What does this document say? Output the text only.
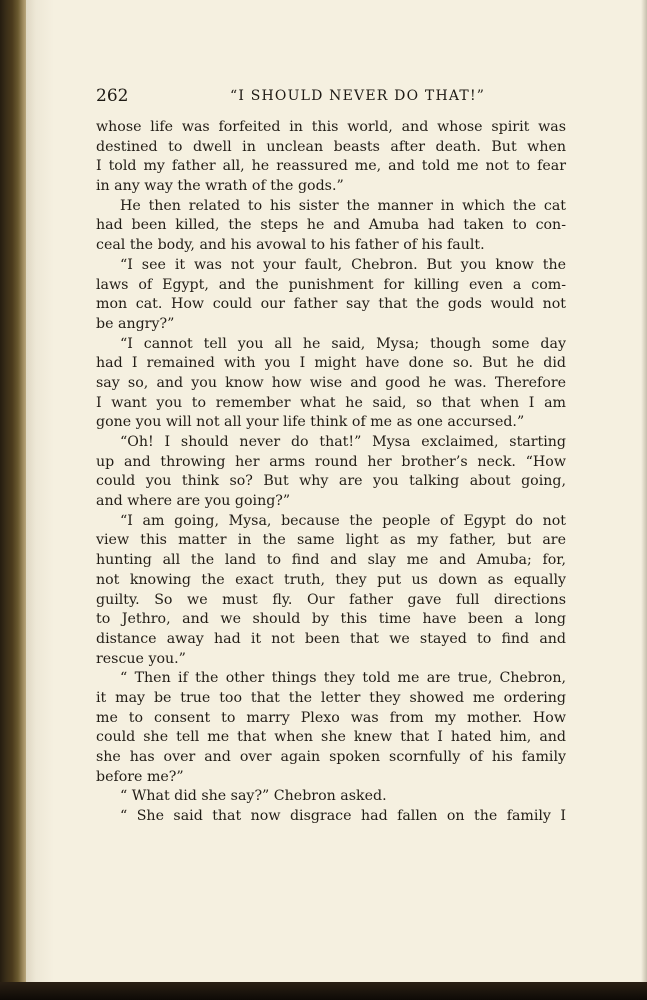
262	“I SHOULD NEVER DO THAT!”
whose life was forfeited in this world, and whose spirit was
destined to dwell in unclean beasts after death. But when
I told my father all, he reassured me, and told me not to fear
in any way the wrath of the gods.”
He then related to his sister the manner in which the cat
had been killed, the steps he and Amuba had taken to con-
ceal the body, and his avowal to his father of his fault.
“I see it was not your fault, Chebron. But you know the
laws of Egypt, and the punishment for killing even a com-
mon cat. How could our father say that the gods would not
be angry?”
“I cannot tell you all he said, Mysa; though some day
had I remained with you I might have done so. But he did
say so, and you know how wise and good he was. Therefore
I want you to remember what he said, so that when I am
gone you will not all your life think of me as one accursed.”
“Oh! I should never do that!” Mysa exclaimed, starting
up and throwing her arms round her brother’s neck. “How
could you think so? But why are you talking about going,
and where are you going?”
“I am going, Mysa, because the people of Egypt do not
view this matter in the same light as my father, but are
hunting all the land to find and slay me and Amuba; for,
not knowing the exact truth, they put us down as equally
guilty. So we must fly. Our father gave full directions
to Jethro, and we should by this time have been a long
distance away had it not been that we stayed to find and
rescue you.”
“ Then if the other things they told me are true, Chebron,
it may be true too that the letter they showed me ordering
me to consent to marry Plexo was from my mother. How
could she tell me that when she knew that I hated him, and
she has over and over again spoken scornfully of his family
before me?”
“ What did she say?” Chebron asked.
“ She said that now disgrace had fallen on the family I
